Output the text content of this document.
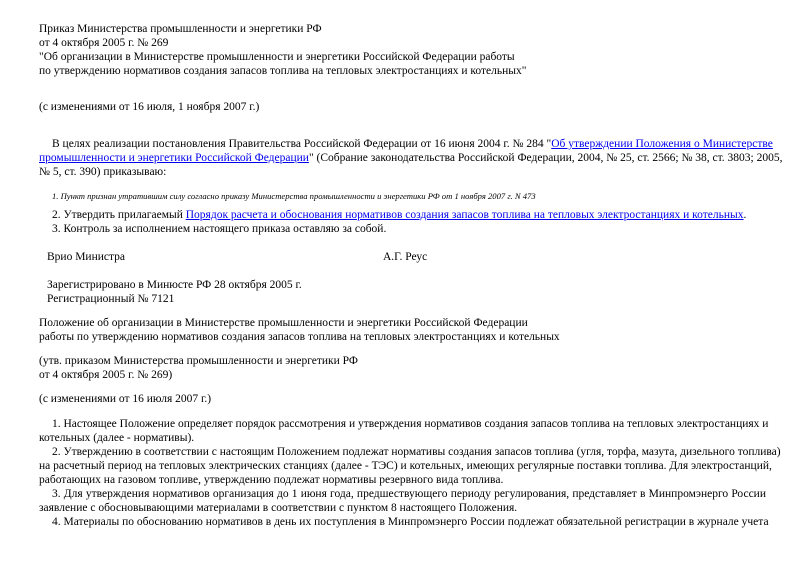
Приказ Министерства промышленности и энергетики РФ
от 4 октября 2005 г. № 269
"Об организации в Министерстве промышленности и энергетики Российской Федерации работы
по утверждению нормативов создания запасов топлива на тепловых электростанциях и котельных"
(с изменениями от 16 июля, 1 ноября 2007 г.)
В целях реализации постановления Правительства Российской Федерации от 16 июня 2004 г. № 284 "Об утверждении Положения о Министерстве
промышленности и энергетики Российской Федерации" (Собрание законодательства Российской Федерации, 2004, № 25, ст. 2566; № 38, ст. 3803; 2005,
№ 5, ст. 390) приказываю:
1. Пункт признан утратившим силу согласно приказу Министерства промышленности и энергетики РФ от 1 ноября 2007 г. N 473
2. Утвердить прилагаемый Порядок расчета и обоснования нормативов создания запасов топлива на тепловых электростанциях и котельных.
3. Контроль за исполнением настоящего приказа оставляю за собой.
Врио Министра	А.Г. Реус
Зарегистрировано в Минюсте РФ 28 октября 2005 г.
Регистрационный № 7121
Положение об организации в Министерстве промышленности и энергетики Российской Федерации
работы по утверждению нормативов создания запасов топлива на тепловых электростанциях и котельных
(утв. приказом Министерства промышленности и энергетики РФ
от 4 октября 2005 г. № 269)
(с изменениями от 16 июля 2007 г.)
1. Настоящее Положение определяет порядок рассмотрения и утверждения нормативов создания запасов топлива на тепловых электростанциях и
котельных (далее - нормативы).
2. Утверждению в соответствии с настоящим Положением подлежат нормативы создания запасов топлива (угля, торфа, мазута, дизельного топлива)
на расчетный период на тепловых электрических станциях (далее - ТЭС) и котельных, имеющих регулярные поставки топлива. Для электростанций,
работающих на газовом топливе, утверждению подлежат нормативы резервного вида топлива.
3. Для утверждения нормативов организация до 1 июня года, предшествующего периоду регулирования, представляет в Минпромэнерго России
заявление с обосновывающими материалами в соответствии с пунктом 8 настоящего Положения.
4. Материалы по обоснованию нормативов в день их поступления в Минпромэнерго России подлежат обязательной регистрации в журнале учета
